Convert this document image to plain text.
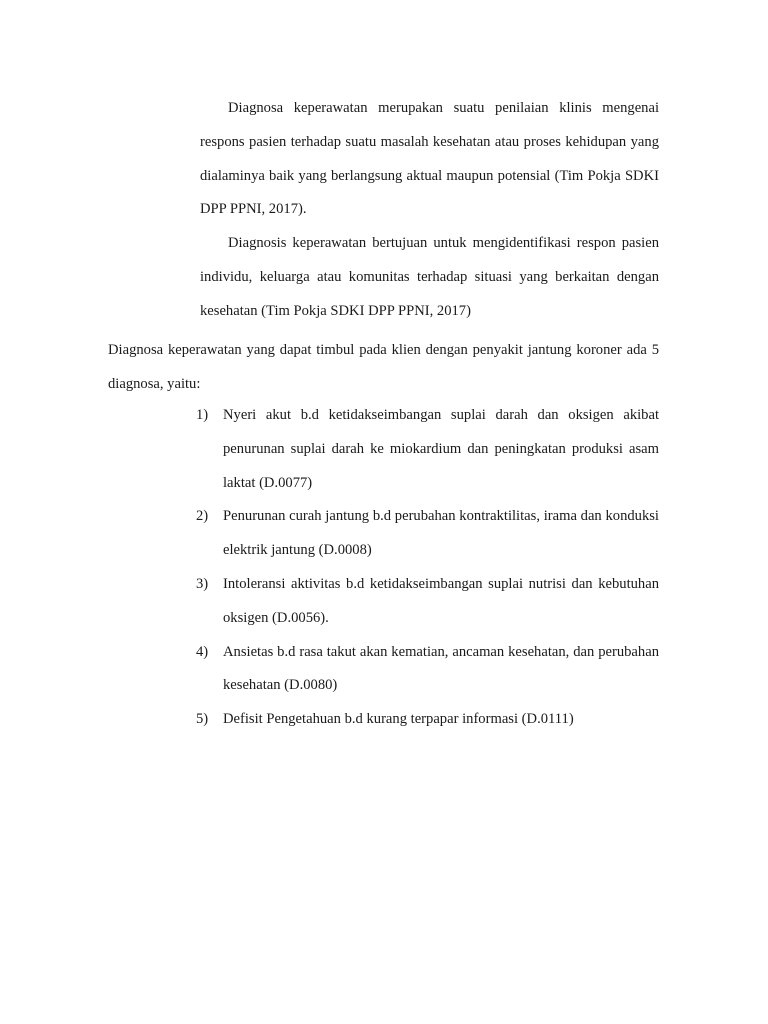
Diagnosa keperawatan merupakan suatu penilaian klinis mengenai respons pasien terhadap suatu masalah kesehatan atau proses kehidupan yang dialaminya baik yang berlangsung aktual maupun potensial (Tim Pokja SDKI DPP PPNI, 2017).

Diagnosis keperawatan bertujuan untuk mengidentifikasi respon pasien individu, keluarga atau komunitas terhadap situasi yang berkaitan dengan kesehatan (Tim Pokja SDKI DPP PPNI, 2017)

Diagnosa keperawatan yang dapat timbul pada klien dengan penyakit jantung koroner ada 5 diagnosa, yaitu:

1) Nyeri akut b.d ketidakseimbangan suplai darah dan oksigen akibat penurunan suplai darah ke miokardium dan peningkatan produksi asam laktat (D.0077)
2) Penurunan curah jantung b.d perubahan kontraktilitas, irama dan konduksi elektrik jantung (D.0008)
3) Intoleransi aktivitas b.d ketidakseimbangan suplai nutrisi dan kebutuhan oksigen (D.0056).
4) Ansietas b.d rasa takut akan kematian, ancaman kesehatan, dan perubahan kesehatan (D.0080)
5) Defisit Pengetahuan b.d kurang terpapar informasi (D.0111)
